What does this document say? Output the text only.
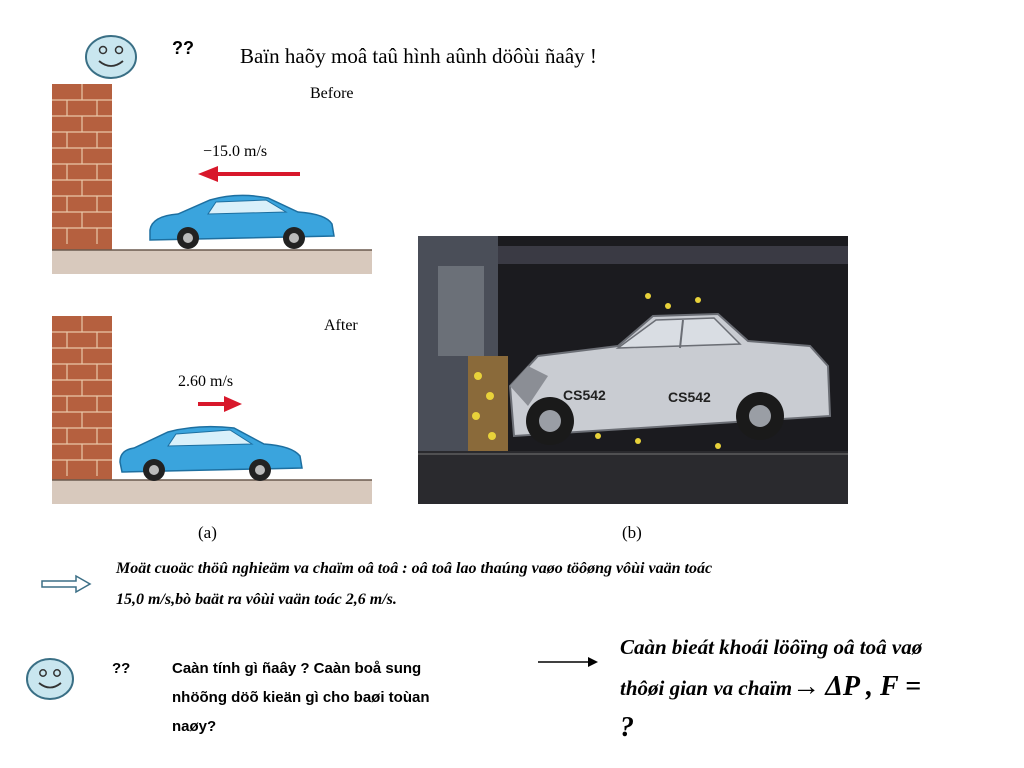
?? Baïn haõy moâ taû hình aûnh döôùi ñaây !
Before
−15.0 m/s
After
2.60 m/s
(a)
CS542	CS542
(b)
Moät cuoäc thöû nghieäm va chaïm oâ toâ : oâ toâ lao thaúng vaøo töôøng vôùi vaän toác
15,0 m/s,bò baät ra vôùi vaän toác 2,6 m/s.
??	Caàn tính gì ñaây ? Caàn boå sung
nhöõng döõ kieän gì cho baøi toùan
naøy?
Caàn bieát khoái löôïng oâ toâ vaø
thôøi gian va chaïm→ ΔP , F =
?
